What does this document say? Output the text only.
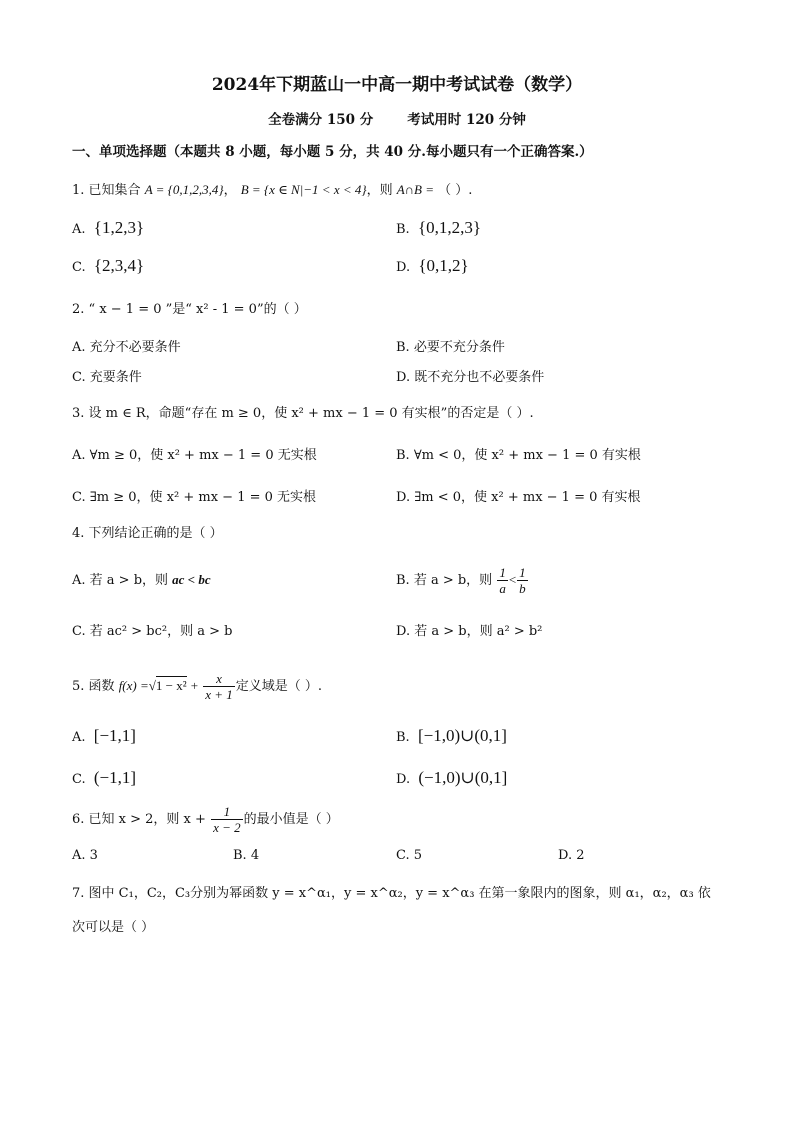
2024年下期蓝山一中高一期中考试试卷（数学）
全卷满分 150 分	考试用时 120 分钟
一、单项选择题（本题共 8 小题，每小题 5 分，共 40 分.每小题只有一个正确答案.）
1. 已知集合 A = {0,1,2,3,4}， B = {x ∈ N|−1 < x < 4}，则 A∩B = （ ）.
A. {1,2,3}	B. {0,1,2,3}
C. {2,3,4}	D. {0,1,2}
2. “ x − 1 = 0 ”是“ x² - 1 = 0”的（ ）
A. 充分不必要条件	B. 必要不充分条件
C. 充要条件	D. 既不充分也不必要条件
3. 设 m ∈ R，命题“存在 m ≥ 0，使 x² + mx − 1 = 0 有实根”的否定是（ ）.
A. ∀m ≥ 0，使 x² + mx − 1 = 0 无实根	B. ∀m < 0，使 x² + mx − 1 = 0 有实根
C. ∃m ≥ 0，使 x² + mx − 1 = 0 无实根	D. ∃m < 0，使 x² + mx − 1 = 0 有实根
4. 下列结论正确的是（ ）
A. 若 a > b，则 ac < bc	B. 若 a > b，则 $\frac{1}{a} < \frac{1}{b}$
C. 若 ac² > bc²，则 a > b	D. 若 a > b，则 a² > b²
5. 函数 $f(x) =√1 - x^2 + \frac{x}{x + 1}$ 定义域是（ ）.
A. [−1,1]	B. [−1,0)∪(0,1]
C. (−1,1]	D. (−1,0)∪(0,1]
6. 已知 x > 2，则 $x + \frac{1}{x - 2}$ 的最小值是（ ）
A. 3	B. 4	C. 5	D. 2
7. 图中 C₁，C₂，C₃分别为幂函数 y = x^α₁，y = x^α₂，y = x^α₃ 在第一象限内的图象，则 α₁，α₂，α₃ 依
次可以是（ ）
